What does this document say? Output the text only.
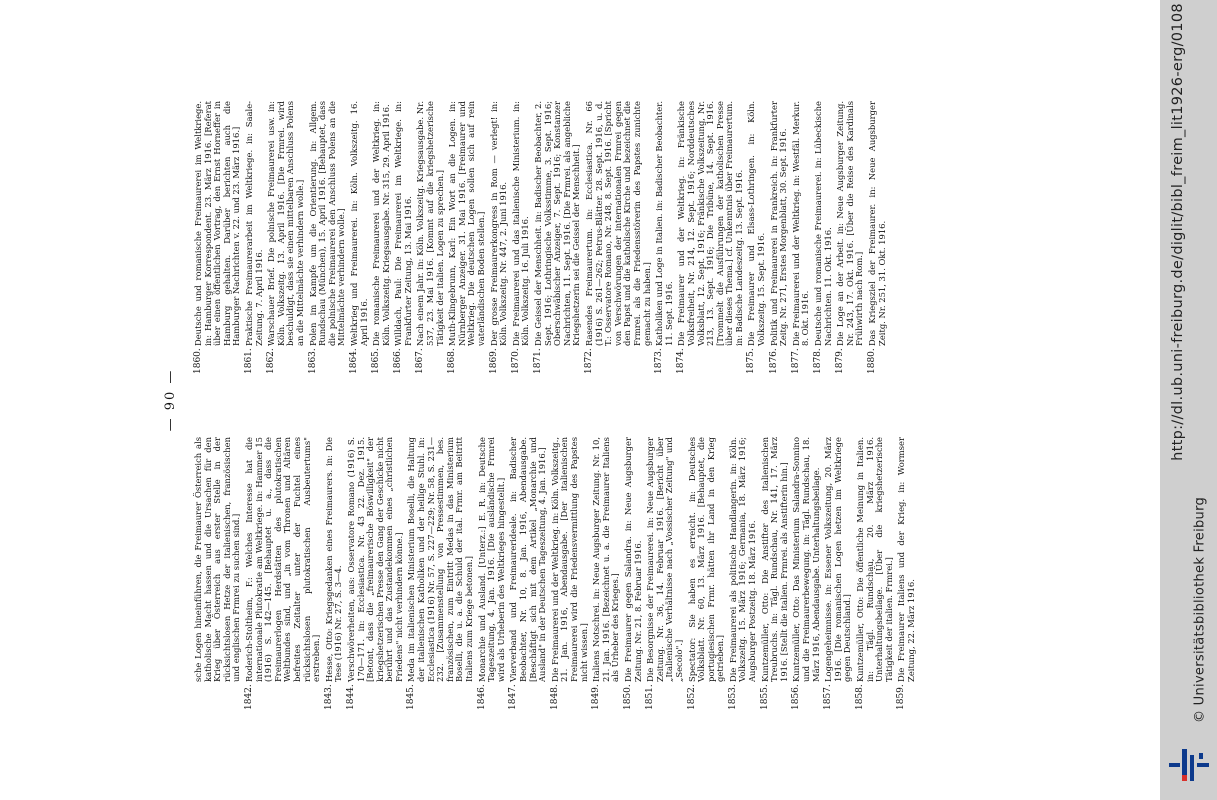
— 90 —
sche Logen hineinführen, die Freimaurer Österreich als katholische Macht hassen und die Ursachen für den Krieg über Österreich aus erster Stelle in der rücksichtslosen Hetze der italienischen, französischen und englischen Frmrei zu suchen sind.]
1842.
Roderich-Stoltheim, F.: Welches Interesse hat die internationale Plutokratie am Weltkriege. in: Hammer 15 (1916) S. 142—145. [Behauptet u. a., dass die Freimaurerlogen Herdstätten des plutokratischen Weltbundes sind, und „in vom Thronen und Altären befreites Zeitalter unter der Fuchtel eines rücksichtslosen plutokratischen Ausbeutertums" erstreben.]
1843.
Hesse, Otto: Kriegsgedanken eines Freimaurers. in: Die Tese (1916) Nr. 27, S. 3—4.
1844.
Verschwörerheiten, aus: Osservatore Romano (1916) S. 170—171. in: Ecclesiastica. Nr. 43 22. Dez. 1915. [Betont, dass die „freimaurerische Böswilligkeit" der kriegshetzerischen Presse den Gang der Geschicke nicht berührt und das Zustandekommen eines „christlichen Friedens" nicht verhindern könne.]
1845.
Meda im italienischen Ministerium Boselli, die Haltung der italienischen Katholiken und der heilige Stuhl. in: Ecclesiastica (1916) Nr. 57, S. 227—229; Nr. 58, S. 231—232. [Zusammenstellung von Pressestimmen, bes. französischen, zum Eintritt Medas in das Ministerium Boselli, die u. a. die Schuld der ital. Frmr. am Beitritt Italiens zum Kriege betonen.]
1846.
Monarchie und Ausland. [Unterz.:] E. R. in: Deutsche Tageszeitung, 4. Jan. 1916. [Die ausländische Frmrei wird als Urheberin des Weltkrieges hingestellt.]
1847.
Vierverband und Freimaurerideale. in: Badischer Beobachter, Nr. 10, 8. Jan. 1916, Abendausgabe. [Beschäftigt sich mit dem Artikel „Monarchie und Ausland" in der Deutschen Tageszeitung, 4. Jan. 1916.]
1848.
Die Freimaurerei und der Weltkrieg. in: Köln. Volkszeitg., 21. Jan. 1916, Abendausgabe. [Der italienischen Freimaurerei wird die Friedensvermittlung des Papstes nicht wissen.]
1849.
Italiens Notschrei. in: Neue Augsburger Zeitung. Nr. 10, 21. Jan. 1916. [Bezeichnet u. a. die Freimaurer Italiens als Urheber des Krieges.]
1850.
Die Freimaurer gegen Salandra. in: Neue Augsburger Zeitung. Nr. 21, 8. Februar 1916.
1851.
Die Besorgnisse der Freimaurerei. in: Neue Augsburger Zeitung. Nr. 36, 14. Februar 1916. [Bericht über „Italienische Verhältnisse nach „Vossischer Zeitung" und „Secolo".]
1852.
Spectator: Sie haben es erreicht. in: Deutsches Volksblatt. Nr. 60, 13. März 1916. [Behauptet, die portugiesischen Frmr. hätten ihr Land in den Krieg getrieben.]
1853.
Die Freimaurerei als politische Handlangerin. in: Köln. Volkszeitg. 15. März 1916; Germania, 18. März 1916; Augsburger Postzeitg. 18. März 1916.
1855.
Kuntzemüller, Otto: Die Anstifter des italienischen Treubruchs. in: Tägl. Rundschau, Nr. 141, 17. März 1916. [Stellt die italien. Frmrei. als Anstifterin hin.]
1856.
Kuntzemüller, Otto: Das Ministerium Salandra-Sonnino und die Freimaurerbewegung. in: Tägl. Rundschau, 18. März 1916, Abendausgabe. Unterhaltungsbeilage.
1857.
Logengeheimnisse. in: Essener Volkszeitung, 20. März 1916. [Die romanischen Logen hetzen im Weltkriege gegen Deutschland.]
1858.
Kuntzemüller, Otto: Die öffentliche Meinung in Italien. in: Tägl. Rundschau, 20. März 1916. Unterhaltungsbeilage. [Über die kriegshetzerische Tätigkeit der italien. Frmrei.]
1859.
Die Freimaurer Italiens und der Krieg. in: Wormser Zeitung, 22. März 1916.
1860.
Deutsche und romanische Freimaurerei im Weltkriege. in: Hamburger Korrespondent. 23. März 1916. [Referat über einen öffentlichen Vortrag, den Ernst Horneffer in Hamburg gehalten. Darüber berichten auch die Hamburger Nachrichten v. 22. und 23. März 1916.]
1861.
Praktische Freimaurerarbeit im Weltkriege. in: Saale-Zeitung. 7. April 1916.
1862.
Warschauer Brief. Die polnische Freimaurerei usw. in: Köln. Volkszeitg. 13. April 1916. [Die Frmrei. wird beschuldigt, dass sie einen mittelbaren Anschluss Polens an die Mittelmächte verhindern wolle.]
1863.
Polen im Kampfe um die Orientierung. in: Allgem. Rundschau (München), 15. April 1916. [Behauptet, dass die polnische Freimaurerei den Anschluss Polens an die Mittelmächte verhindern wolle.]
1864.
Weltkrieg und Freimaurerei. in: Köln. Volkszeitg. 16. April 1916.
1865.
Die romanische Freimaurerei und der Weltkrieg. in: Köln. Volkszeitg. Kriegsausgabe. Nr. 315, 29. April 1916.
1866.
Willdach, Paul: Die Freimaurerei im Weltkriege. in: Frankfurter Zeitung, 13. Mai 1916.
1867.
Nach einem Jahr. in: Köln. Volkszeitg. Kriegsausgabe. Nr. 537, 23. Mai 1916. [Kommt auf die kriegshetzerische Tätigkeit der italien. Logen zu sprechen.]
1868.
Muth-Klingebrunn, Karl: Ein Wort an die Logen. in: Nürnberger Anzeiger. 31. Mai 1916. [Freimaurer und Weltkrieg. Die deutschen Logen sollen sich auf rein vaterländischen Boden stellen.]
1869.
Der grosse Freimaurerkongress in Rom — verlegt! in: Köln. Volkszeitg. Nr. 447, 2. Juni 1916.
1870.
Die Freimaurerei und das italienische Ministerium. in: Köln. Volkszeitg. 16. Juli 1916.
1871.
Die Geissel der Menschheit. in: Badischer Beobachter, 2. Sept. 1916; Lothringische Volksstimme, 3. Sept. 1916; Oberschwäbischer Anzeiger, 7. Sept. 1916; Konstanzer Nachrichten, 11. Sept. 1916. [Die Frmrei. als angebliche Kriegshetzerin sei die Geissel der Menschheit.]
1872.
Rasendes Freimaurertum. in: Ecclesiastica. Nr. 66 (1916) S. 261—262; Petrus-Blätter. 28. Sept. 1916, u. d. T.: Osservatore Romano, Nr. 248, 8. Sept. 1916. [Spricht von Verschwörungen der internationalen Frmrei gegen den Papst und die katholische Kirche und bezeichnet die Frmrei. als die Friedensstörerin des Papstes zunichte gemacht zu haben.]
1873.
Katholiken und Loge in Italien. in: Badischer Beobachter. 11. Sept. 1916.
1874.
Die Freimaurer und der Weltkrieg. in: Fränkische Volksfreiheit, Nr. 214, 12. Sept. 1916; Norddeutsches Volksblatt, 12. Sept. 1916; Fränkische Volkszeitung, Nr. 213, 13. Sept. 1916; Die Tribüne, 14. Sept. 1916. [Trommelt die Ausführungen der katholischen Presse über dieses Thema.] cf. Unkenntnis über Freimaurertum. in: Badische Landeszeitg. 13. Sept. 1916.
1875.
Die Freimaurer und Elsass-Lothringen. in: Köln. Volkszeitg. 15. Sept. 1916.
1876.
Politik und Freimaurerei in Frankreich. in: Frankfurter Zeitg. Nr. 271, Erstes Morgenblatt, 30. Sept. 1916.
1877.
Die Freimaurerei und der Weltkrieg. in: Westfäl. Merkur. 8. Okt. 1916.
1878.
Deutsche und romanische Freimaurerei. in: Lübeckische Nachrichten. 11. Okt. 1916.
1879.
Die Loge an der Arbeit. in: Neue Augsburger Zeitung. Nr. 243, 17. Okt. 1916. [Über die Reise des Kardinals Frühwirth nach Rom.]
1880.
Das Kriegsziel der Freimaurer. in: Neue Augsburger Zeitg. Nr. 251, 31. Okt. 1916.	http://dl.ub.uni-freiburg.de/diglit/bibl_freim_lit1926-erg/0108
© Universitätsbibliothek Freiburg
